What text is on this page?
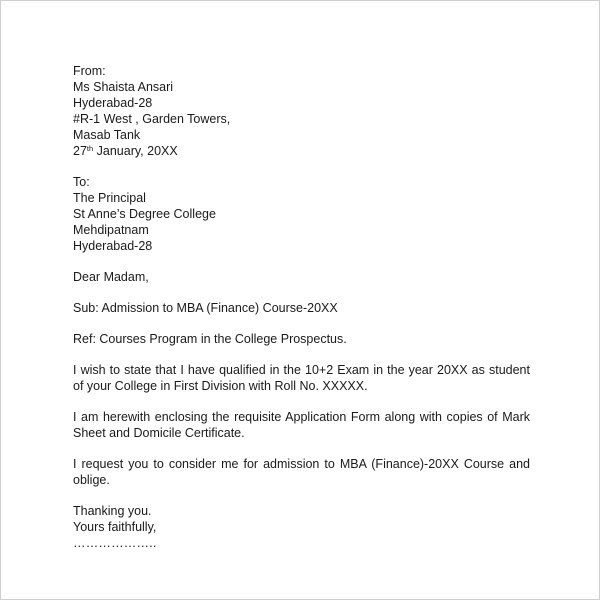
From:
Ms Shaista Ansari
Hyderabad-28
#R-1 West , Garden Towers,
Masab Tank
27th January, 20XX
To:
The Principal
St Anne’s Degree College
Mehdipatnam
Hyderabad-28
Dear Madam,
Sub: Admission to MBA (Finance) Course-20XX
Ref: Courses Program in the College Prospectus.
I wish to state that I have qualified in the 10+2 Exam in the year 20XX as student of your College in First Division with Roll No. XXXXX.
I am herewith enclosing the requisite Application Form along with copies of Mark Sheet and Domicile Certificate.
I request you to consider me for admission to MBA (Finance)-20XX Course and oblige.
Thanking you.
Yours faithfully,
………………..
